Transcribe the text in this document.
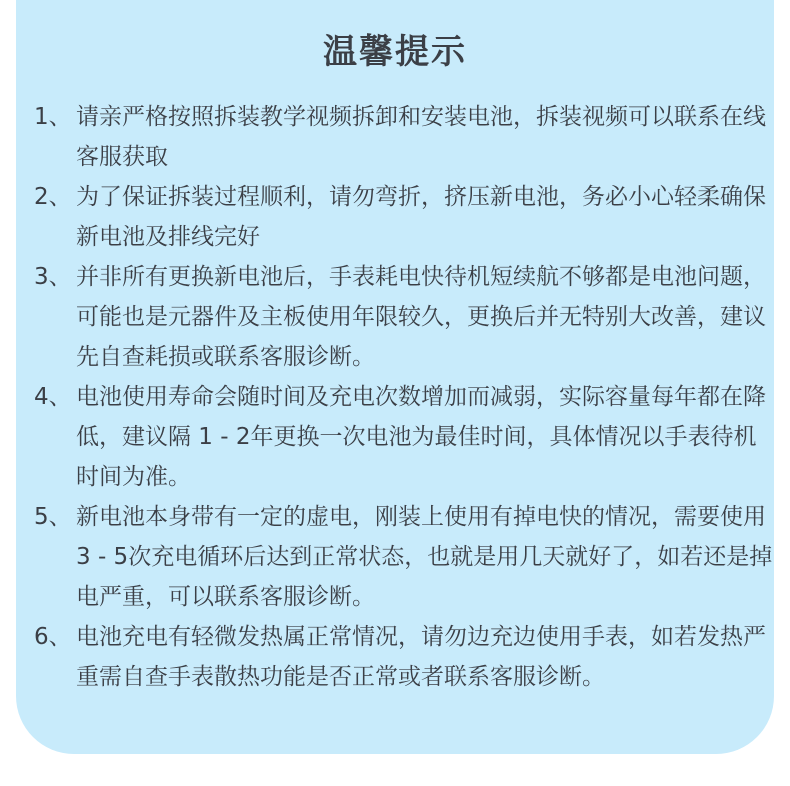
温馨提示
1、 请亲严格按照拆装教学视频拆卸和安装电池，拆装视频可以联系在线客服获取
2、 为了保证拆装过程顺利，请勿弯折，挤压新电池，务必小心轻柔确保新电池及排线完好
3、 并非所有更换新电池后，手表耗电快待机短续航不够都是电池问题，可能也是元器件及主板使用年限较久，更换后并无特别大改善，建议先自查耗损或联系客服诊断。
4、 电池使用寿命会随时间及充电次数增加而减弱，实际容量每年都在降低，建议隔 1 - 2年更换一次电池为最佳时间，具体情况以手表待机时间为准。
5、 新电池本身带有一定的虚电，刚装上使用有掉电快的情况，需要使用 3 - 5次充电循环后达到正常状态，也就是用几天就好了，如若还是掉电严重，可以联系客服诊断。
6、 电池充电有轻微发热属正常情况，请勿边充边使用手表，如若发热严重需自查手表散热功能是否正常或者联系客服诊断。
